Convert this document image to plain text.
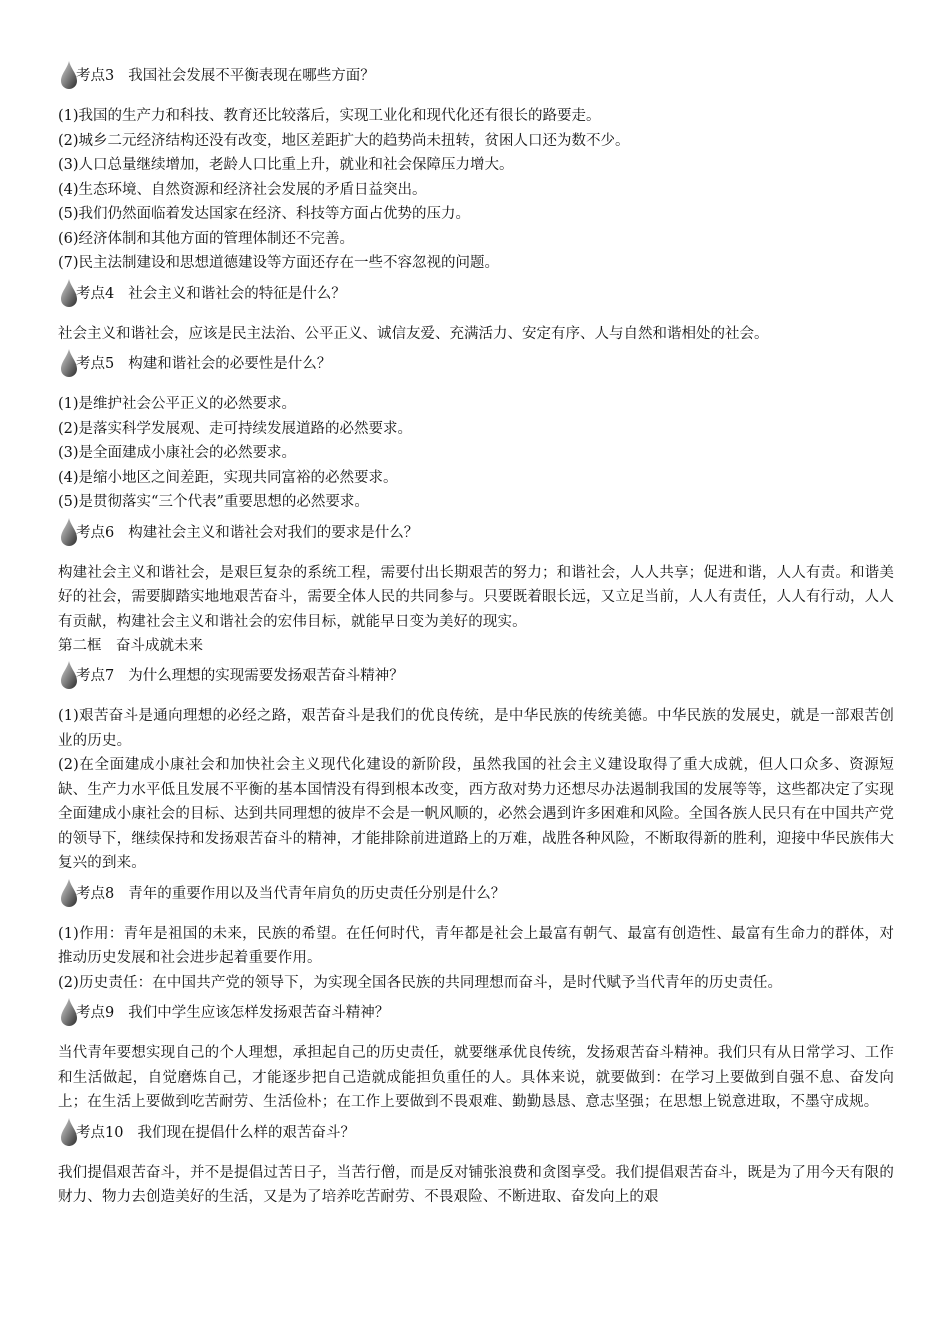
考点3 我国社会发展不平衡表现在哪些方面？

(1)我国的生产力和科技、教育还比较落后，实现工业化和现代化还有很长的路要走。

(2)城乡二元经济结构还没有改变，地区差距扩大的趋势尚未扭转，贫困人口还为数不少。

(3)人口总量继续增加，老龄人口比重上升，就业和社会保障压力增大。

(4)生态环境、自然资源和经济社会发展的矛盾日益突出。

(5)我们仍然面临着发达国家在经济、科技等方面占优势的压力。

(6)经济体制和其他方面的管理体制还不完善。

(7)民主法制建设和思想道德建设等方面还存在一些不容忽视的问题。

考点4 社会主义和谐社会的特征是什么？

社会主义和谐社会，应该是民主法治、公平正义、诚信友爱、充满活力、安定有序、人与自然和谐相处的社会。

考点5 构建和谐社会的必要性是什么？

(1)是维护社会公平正义的必然要求。

(2)是落实科学发展观、走可持续发展道路的必然要求。

(3)是全面建成小康社会的必然要求。

(4)是缩小地区之间差距，实现共同富裕的必然要求。

(5)是贯彻落实“三个代表”重要思想的必然要求。

考点6 构建社会主义和谐社会对我们的要求是什么？

构建社会主义和谐社会，是艰巨复杂的系统工程，需要付出长期艰苦的努力；和谐社会，人人共享；促进和谐，人人有责。和谐美好的社会，需要脚踏实地地艰苦奋斗，需要全体人民的共同参与。只要既着眼长远，又立足当前，人人有责任，人人有行动，人人有贡献，构建社会主义和谐社会的宏伟目标，就能早日变为美好的现实。

第二框　奋斗成就未来

考点7 为什么理想的实现需要发扬艰苦奋斗精神？

(1)艰苦奋斗是通向理想的必经之路，艰苦奋斗是我们的优良传统，是中华民族的传统美德。中华民族的发展史，就是一部艰苦创业的历史。

(2)在全面建成小康社会和加快社会主义现代化建设的新阶段，虽然我国的社会主义建设取得了重大成就，但人口众多、资源短缺、生产力水平低且发展不平衡的基本国情没有得到根本改变，西方敌对势力还想尽办法遏制我国的发展等等，这些都决定了实现全面建成小康社会的目标、达到共同理想的彼岸不会是一帆风顺的，必然会遇到许多困难和风险。全国各族人民只有在中国共产党的领导下，继续保持和发扬艰苦奋斗的精神，才能排除前进道路上的万难，战胜各种风险，不断取得新的胜利，迎接中华民族伟大复兴的到来。

考点8 青年的重要作用以及当代青年肩负的历史责任分别是什么？

(1)作用：青年是祖国的未来，民族的希望。在任何时代，青年都是社会上最富有朝气、最富有创造性、最富有生命力的群体，对推动历史发展和社会进步起着重要作用。

(2)历史责任：在中国共产党的领导下，为实现全国各民族的共同理想而奋斗，是时代赋予当代青年的历史责任。

考点9 我们中学生应该怎样发扬艰苦奋斗精神？

当代青年要想实现自己的个人理想，承担起自己的历史责任，就要继承优良传统，发扬艰苦奋斗精神。我们只有从日常学习、工作和生活做起，自觉磨炼自己，才能逐步把自己造就成能担负重任的人。具体来说，就要做到：在学习上要做到自强不息、奋发向上；在生活上要做到吃苦耐劳、生活俭朴；在工作上要做到不畏艰难、勤勤恳恳、意志坚强；在思想上锐意进取，不墨守成规。

考点10 我们现在提倡什么样的艰苦奋斗？

我们提倡艰苦奋斗，并不是提倡过苦日子，当苦行僧，而是反对铺张浪费和贪图享受。我们提倡艰苦奋斗，既是为了用今天有限的财力、物力去创造美好的生活，又是为了培养吃苦耐劳、不畏艰险、不断进取、奋发向上的艰
